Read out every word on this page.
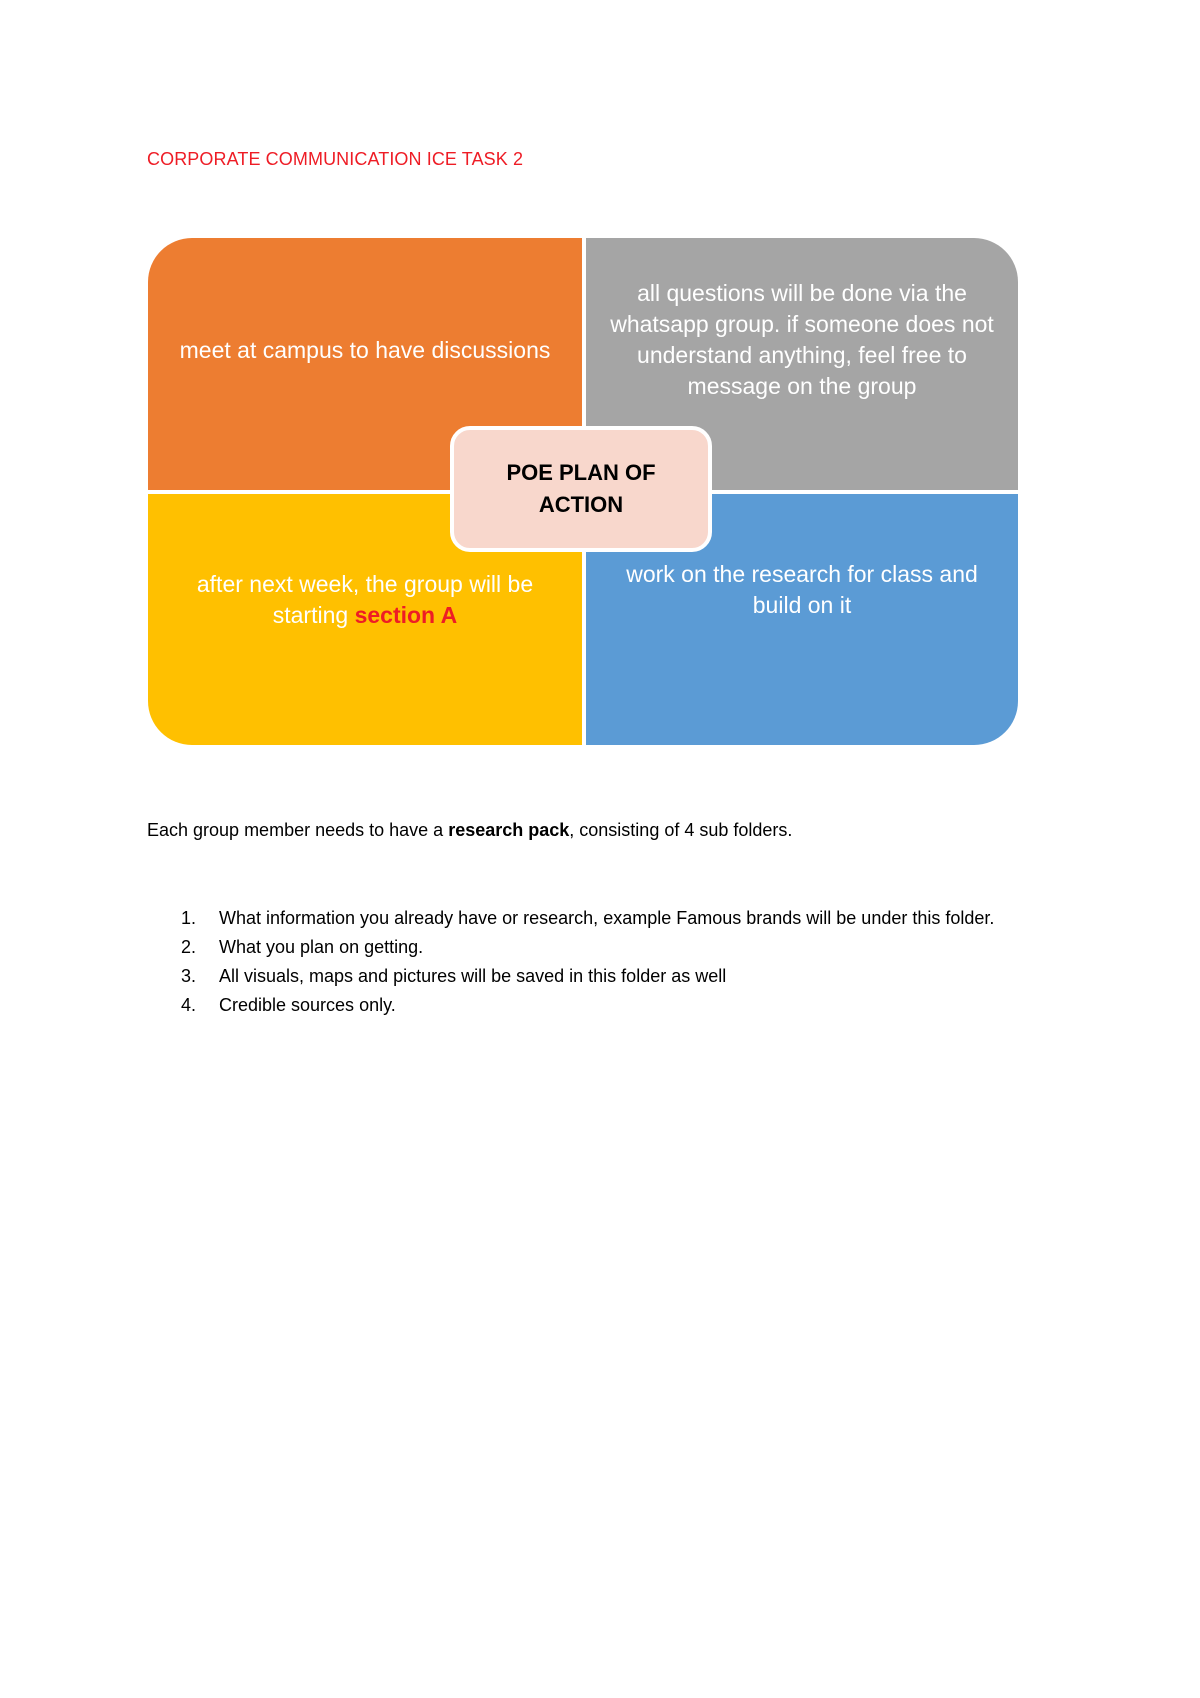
CORPORATE COMMUNICATION ICE TASK 2
meet at campus to have discussions
all questions will be done via the whatsapp group. if someone does not understand anything, feel free to message on the group
after next week, the group will be starting section A
work on the research for class and build on it
POE PLAN OF ACTION
Each group member needs to have a research pack, consisting of 4 sub folders.
1. What information you already have or research, example Famous brands will be under this folder.
2. What you plan on getting.
3. All visuals, maps and pictures will be saved in this folder as well
4. Credible sources only.
